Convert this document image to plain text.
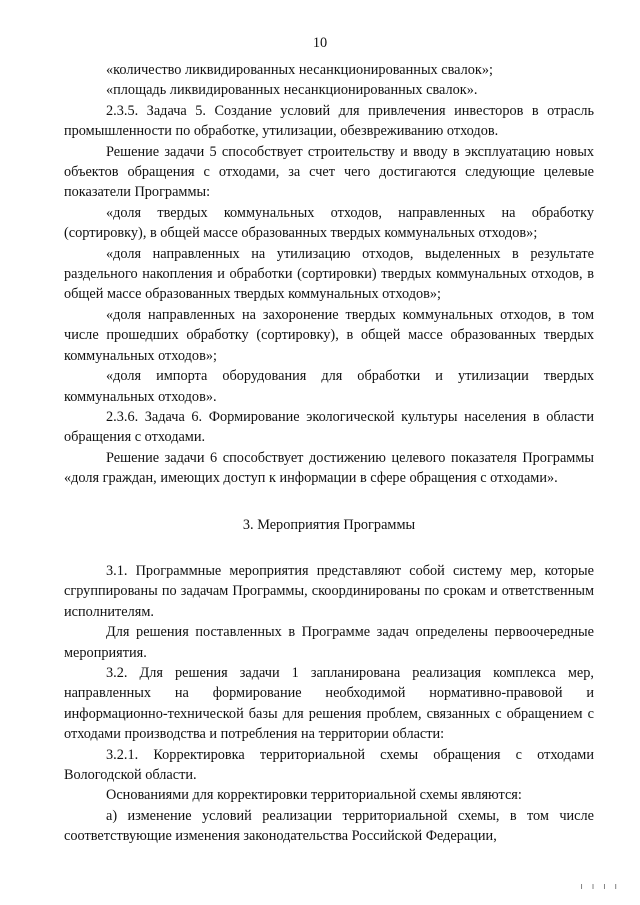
10

«количество ликвидированных несанкционированных свалок»;

«площадь ликвидированных несанкционированных свалок».

2.3.5. Задача 5. Создание условий для привлечения инвесторов в отрасль промышленности по обработке, утилизации, обезвреживанию отходов.

Решение задачи 5 способствует строительству и вводу в эксплуатацию новых объектов обращения с отходами, за счет чего достигаются следующие целевые показатели Программы:

«доля твердых коммунальных отходов, направленных на обработку (сортировку), в общей массе образованных твердых коммунальных отходов»;

«доля направленных на утилизацию отходов, выделенных в результате раздельного накопления и обработки (сортировки) твердых коммунальных отходов, в общей массе образованных твердых коммунальных отходов»;

«доля направленных на захоронение твердых коммунальных отходов, в том числе прошедших обработку (сортировку), в общей массе образованных твердых коммунальных отходов»;

«доля импорта оборудования для обработки и утилизации твердых коммунальных отходов».

2.3.6. Задача 6. Формирование экологической культуры населения в области обращения с отходами.

Решение задачи 6 способствует достижению целевого показателя Программы «доля граждан, имеющих доступ к информации в сфере обращения с отходами».

3. Мероприятия Программы

3.1. Программные мероприятия представляют собой систему мер, которые сгруппированы по задачам Программы, скоординированы по срокам и ответственным исполнителям.

Для решения поставленных в Программе задач определены первоочередные мероприятия.

3.2. Для решения задачи 1 запланирована реализация комплекса мер, направленных на формирование необходимой нормативно-правовой и информационно-технической базы для решения проблем, связанных с обращением с отходами производства и потребления на территории области:

3.2.1. Корректировка территориальной схемы обращения с отходами Вологодской области.

Основаниями для корректировки территориальной схемы являются:

а) изменение условий реализации территориальной схемы, в том числе соответствующие изменения законодательства Российской Федерации,

ı ı ı ı
